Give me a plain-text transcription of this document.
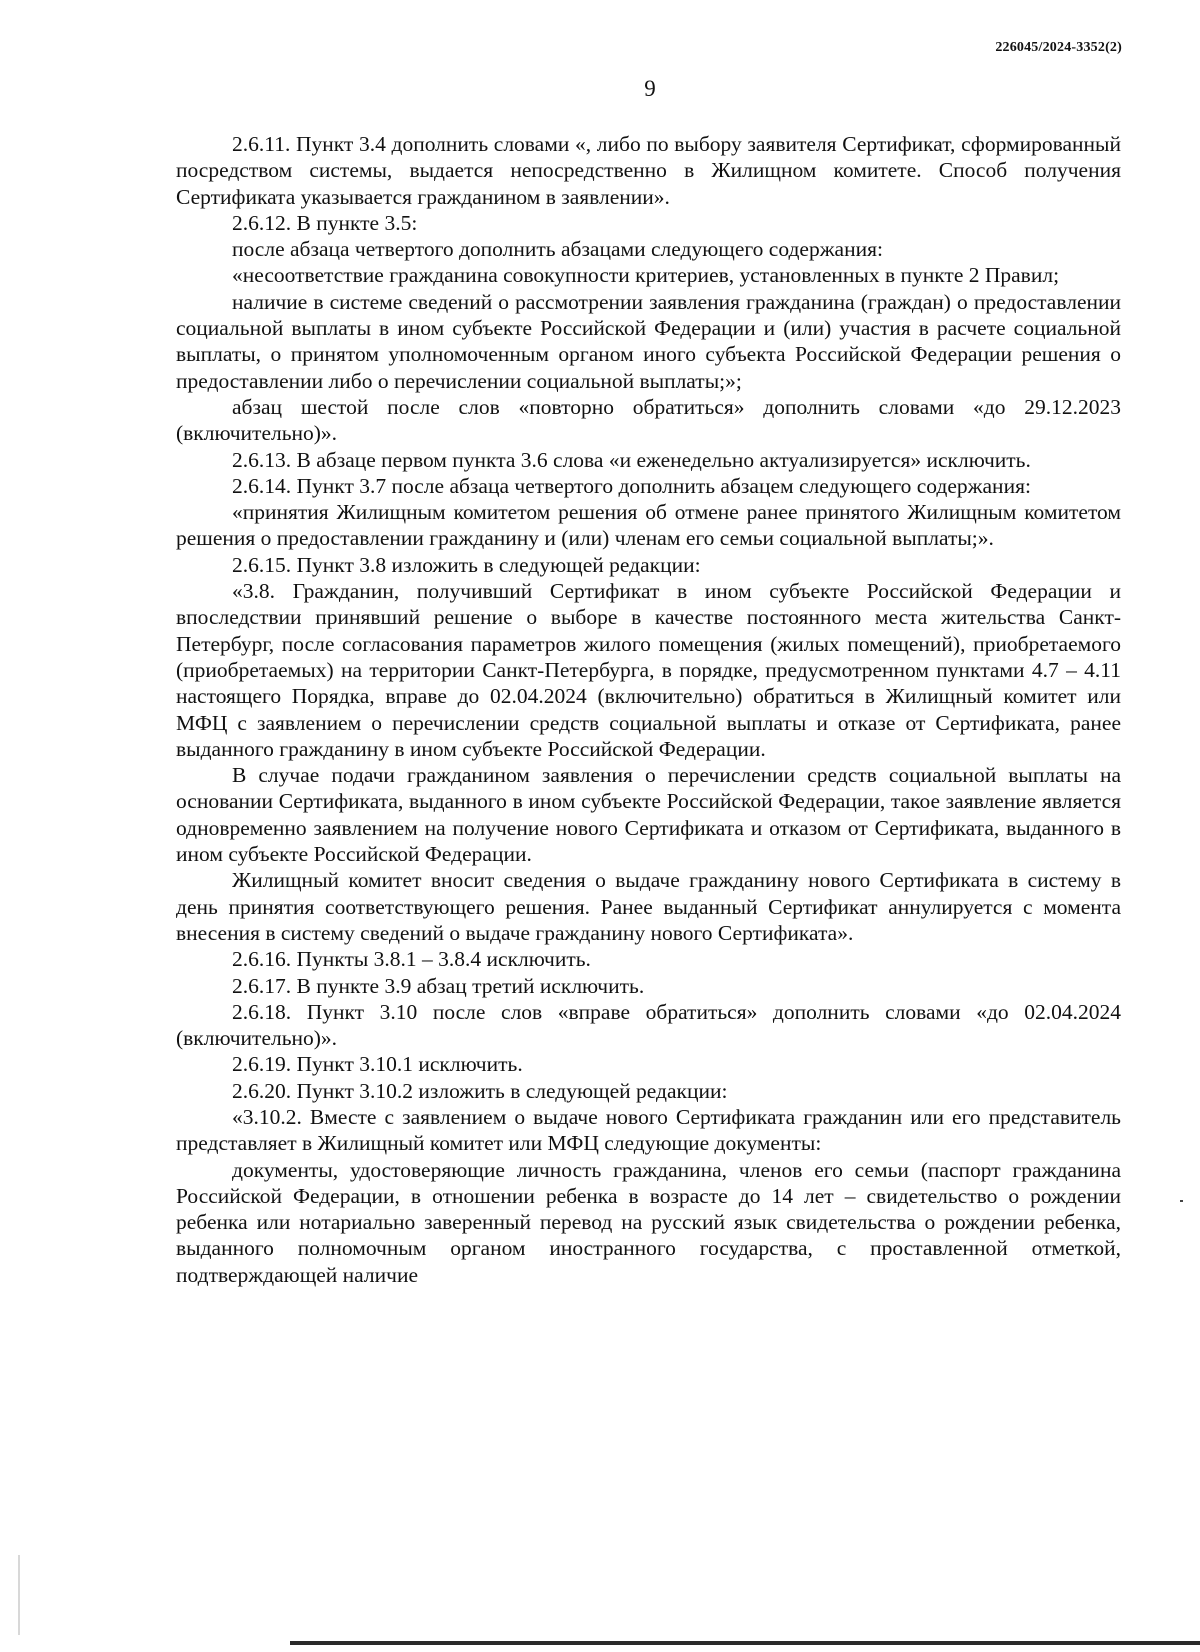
226045/2024-3352(2)
9

2.6.11. Пункт 3.4 дополнить словами «, либо по выбору заявителя Сертификат, сформированный посредством системы, выдается непосредственно в Жилищном комитете. Способ получения Сертификата указывается гражданином в заявлении».

2.6.12. В пункте 3.5:

после абзаца четвертого дополнить абзацами следующего содержания:

«несоответствие гражданина совокупности критериев, установленных в пункте 2 Правил;

наличие в системе сведений о рассмотрении заявления гражданина (граждан) о предоставлении социальной выплаты в ином субъекте Российской Федерации и (или) участия в расчете социальной выплаты, о принятом уполномоченным органом иного субъекта Российской Федерации решения о предоставлении либо о перечислении социальной выплаты;»;

абзац шестой после слов «повторно обратиться» дополнить словами «до 29.12.2023 (включительно)».

2.6.13. В абзаце первом пункта 3.6 слова «и еженедельно актуализируется» исключить.

2.6.14. Пункт 3.7 после абзаца четвертого дополнить абзацем следующего содержания:

«принятия Жилищным комитетом решения об отмене ранее принятого Жилищным комитетом решения о предоставлении гражданину и (или) членам его семьи социальной выплаты;».

2.6.15. Пункт 3.8 изложить в следующей редакции:

«3.8. Гражданин, получивший Сертификат в ином субъекте Российской Федерации и впоследствии принявший решение о выборе в качестве постоянного места жительства Санкт-Петербург, после согласования параметров жилого помещения (жилых помещений), приобретаемого (приобретаемых) на территории Санкт-Петербурга, в порядке, предусмотренном пунктами 4.7 – 4.11 настоящего Порядка, вправе до 02.04.2024 (включительно) обратиться в Жилищный комитет или МФЦ с заявлением о перечислении средств социальной выплаты и отказе от Сертификата, ранее выданного гражданину в ином субъекте Российской Федерации.

В случае подачи гражданином заявления о перечислении средств социальной выплаты на основании Сертификата, выданного в ином субъекте Российской Федерации, такое заявление является одновременно заявлением на получение нового Сертификата и отказом от Сертификата, выданного в ином субъекте Российской Федерации.

Жилищный комитет вносит сведения о выдаче гражданину нового Сертификата в систему в день принятия соответствующего решения. Ранее выданный Сертификат аннулируется с момента внесения в систему сведений о выдаче гражданину нового Сертификата».

2.6.16. Пункты 3.8.1 – 3.8.4 исключить.

2.6.17. В пункте 3.9 абзац третий исключить.

2.6.18. Пункт 3.10 после слов «вправе обратиться» дополнить словами «до 02.04.2024 (включительно)».

2.6.19. Пункт 3.10.1 исключить.

2.6.20. Пункт 3.10.2 изложить в следующей редакции:

«3.10.2. Вместе с заявлением о выдаче нового Сертификата гражданин или его представитель представляет в Жилищный комитет или МФЦ следующие документы:

документы, удостоверяющие личность гражданина, членов его семьи (паспорт гражданина Российской Федерации, в отношении ребенка в возрасте до 14 лет – свидетельство о рождении ребенка или нотариально заверенный перевод на русский язык свидетельства о рождении ребенка, выданного полномочным органом иностранного государства, с проставленной отметкой, подтверждающей наличие
